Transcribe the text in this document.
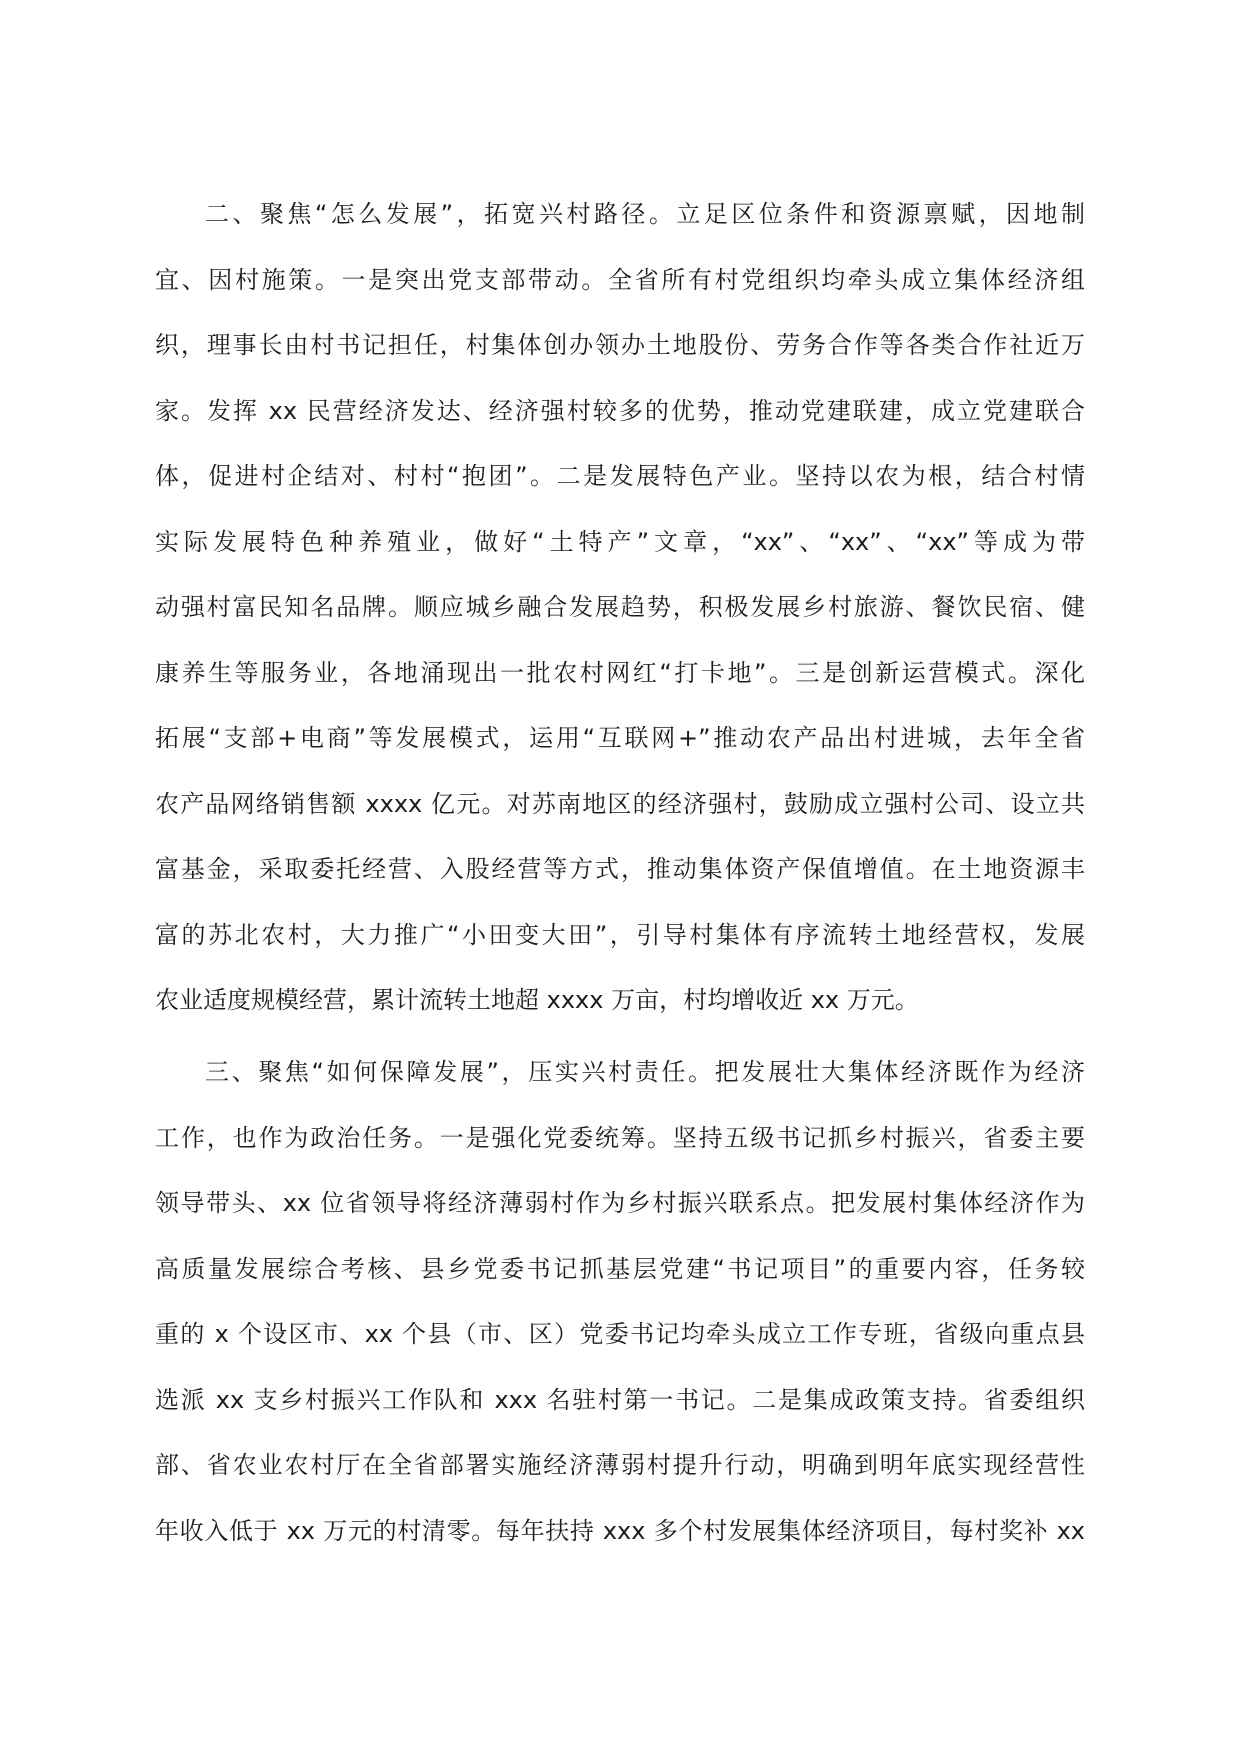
二、聚焦“怎么发展”，拓宽兴村路径。立足区位条件和资源禀赋，因地制
宜、因村施策。一是突出党支部带动。全省所有村党组织均牵头成立集体经济组
织，理事长由村书记担任，村集体创办领办土地股份、劳务合作等各类合作社近万
家。发挥 xx 民营经济发达、经济强村较多的优势，推动党建联建，成立党建联合
体，促进村企结对、村村“抱团”。二是发展特色产业。坚持以农为根，结合村情
实际发展特色种养殖业，做好“土特产”文章，“xx”、“xx”、“xx”等成为带
动强村富民知名品牌。顺应城乡融合发展趋势，积极发展乡村旅游、餐饮民宿、健
康养生等服务业，各地涌现出一批农村网红“打卡地”。三是创新运营模式。深化
拓展“支部+电商”等发展模式，运用“互联网+”推动农产品出村进城，去年全省
农产品网络销售额 xxxx 亿元。对苏南地区的经济强村，鼓励成立强村公司、设立共
富基金，采取委托经营、入股经营等方式，推动集体资产保值增值。在土地资源丰
富的苏北农村，大力推广“小田变大田”，引导村集体有序流转土地经营权，发展
农业适度规模经营，累计流转土地超 xxxx 万亩，村均增收近 xx 万元。
三、聚焦“如何保障发展”，压实兴村责任。把发展壮大集体经济既作为经济
工作，也作为政治任务。一是强化党委统筹。坚持五级书记抓乡村振兴，省委主要
领导带头、xx 位省领导将经济薄弱村作为乡村振兴联系点。把发展村集体经济作为
高质量发展综合考核、县乡党委书记抓基层党建“书记项目”的重要内容，任务较
重的 x 个设区市、xx 个县（市、区）党委书记均牵头成立工作专班，省级向重点县
选派 xx 支乡村振兴工作队和 xxx 名驻村第一书记。二是集成政策支持。省委组织
部、省农业农村厅在全省部署实施经济薄弱村提升行动，明确到明年底实现经营性
年收入低于 xx 万元的村清零。每年扶持 xxx 多个村发展集体经济项目，每村奖补 xx
